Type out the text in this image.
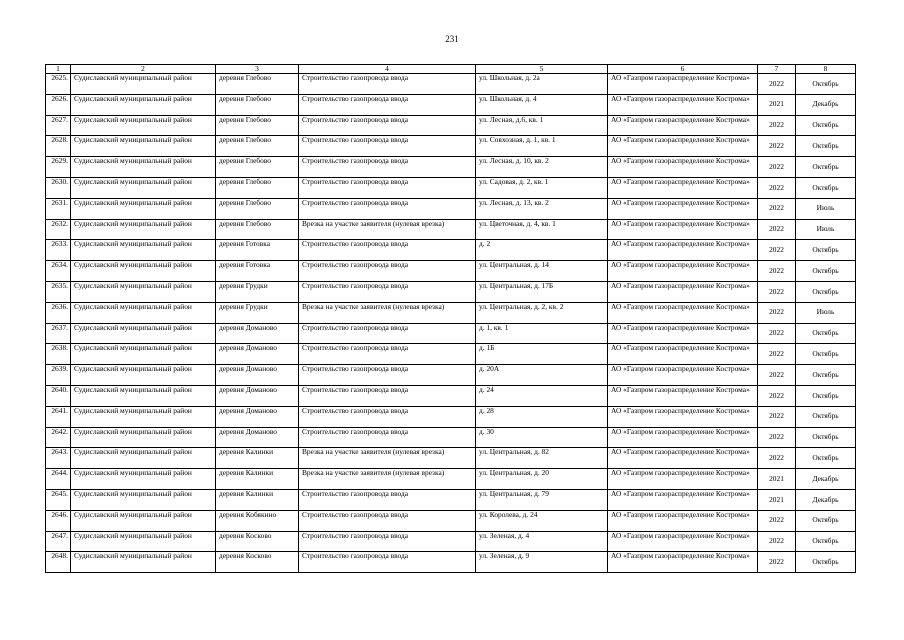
231
1	2	3	4	5	6	7	8
2625.	Судиславский муниципальный район	деревня Глебово	Строительство газопровода ввода	ул. Школьная, д. 2а	АО «Газпром газораспределение Кострома»	2022	Октябрь
2626.	Судиславский муниципальный район	деревня Глебово	Строительство газопровода ввода	ул. Школьная, д. 4	АО «Газпром газораспределение Кострома»	2021	Декабрь
2627.	Судиславский муниципальный район	деревня Глебово	Строительство газопровода ввода	ул. Лесная, д.6, кв. 1	АО «Газпром газораспределение Кострома»	2022	Октябрь
2628.	Судиславский муниципальный район	деревня Глебово	Строительство газопровода ввода	ул. Совхозная, д. 1, кв. 1	АО «Газпром газораспределение Кострома»	2022	Октябрь
2629.	Судиславский муниципальный район	деревня Глебово	Строительство газопровода ввода	ул. Лесная, д. 10, кв. 2	АО «Газпром газораспределение Кострома»	2022	Октябрь
2630.	Судиславский муниципальный район	деревня Глебово	Строительство газопровода ввода	ул. Садовая, д. 2, кв. 1	АО «Газпром газораспределение Кострома»	2022	Октябрь
2631.	Судиславский муниципальный район	деревня Глебово	Строительство газопровода ввода	ул. Лесная, д. 13, кв. 2	АО «Газпром газораспределение Кострома»	2022	Июль
2632.	Судиславский муниципальный район	деревня Глебово	Врезка на участке заявителя (нулевая врезка)	ул. Цветочная, д. 4, кв. 1	АО «Газпром газораспределение Кострома»	2022	Июль
2633.	Судиславский муниципальный район	деревня Готовка	Строительство газопровода ввода	д. 2	АО «Газпром газораспределение Кострома»	2022	Октябрь
2634.	Судиславский муниципальный район	деревня Готовка	Строительство газопровода ввода	ул. Центральная, д. 14	АО «Газпром газораспределение Кострома»	2022	Октябрь
2635.	Судиславский муниципальный район	деревня Грудки	Строительство газопровода ввода	ул. Центральная, д. 17Б	АО «Газпром газораспределение Кострома»	2022	Октябрь
2636.	Судиславский муниципальный район	деревня Грудки	Врезка на участке заявителя (нулевая врезка)	ул. Центральная, д. 2, кв. 2	АО «Газпром газораспределение Кострома»	2022	Июль
2637.	Судиславский муниципальный район	деревня Доманово	Строительство газопровода ввода	д. 1, кв. 1	АО «Газпром газораспределение Кострома»	2022	Октябрь
2638.	Судиславский муниципальный район	деревня Доманово	Строительство газопровода ввода	д. 1Б	АО «Газпром газораспределение Кострома»	2022	Октябрь
2639.	Судиславский муниципальный район	деревня Доманово	Строительство газопровода ввода	д. 20А	АО «Газпром газораспределение Кострома»	2022	Октябрь
2640.	Судиславский муниципальный район	деревня Доманово	Строительство газопровода ввода	д. 24	АО «Газпром газораспределение Кострома»	2022	Октябрь
2641.	Судиславский муниципальный район	деревня Доманово	Строительство газопровода ввода	д. 28	АО «Газпром газораспределение Кострома»	2022	Октябрь
2642.	Судиславский муниципальный район	деревня Доманово	Строительство газопровода ввода	д. 30	АО «Газпром газораспределение Кострома»	2022	Октябрь
2643.	Судиславский муниципальный район	деревня Калинки	Врезка на участке заявителя (нулевая врезка)	ул. Центральная, д. 82	АО «Газпром газораспределение Кострома»	2022	Октябрь
2644.	Судиславский муниципальный район	деревня Калинки	Врезка на участке заявителя (нулевая врезка)	ул. Центральная, д. 20	АО «Газпром газораспределение Кострома»	2021	Декабрь
2645.	Судиславский муниципальный район	деревня Калинки	Строительство газопровода ввода	ул. Центральная, д. 79	АО «Газпром газораспределение Кострома»	2021	Декабрь
2646.	Судиславский муниципальный район	деревня Кобякино	Строительство газопровода ввода	ул. Королева, д. 24	АО «Газпром газораспределение Кострома»	2022	Октябрь
2647.	Судиславский муниципальный район	деревня Косково	Строительство газопровода ввода	ул. Зеленая, д. 4	АО «Газпром газораспределение Кострома»	2022	Октябрь
2648.	Судиславский муниципальный район	деревня Косково	Строительство газопровода ввода	ул. Зеленая, д. 9	АО «Газпром газораспределение Кострома»	2022	Октябрь
